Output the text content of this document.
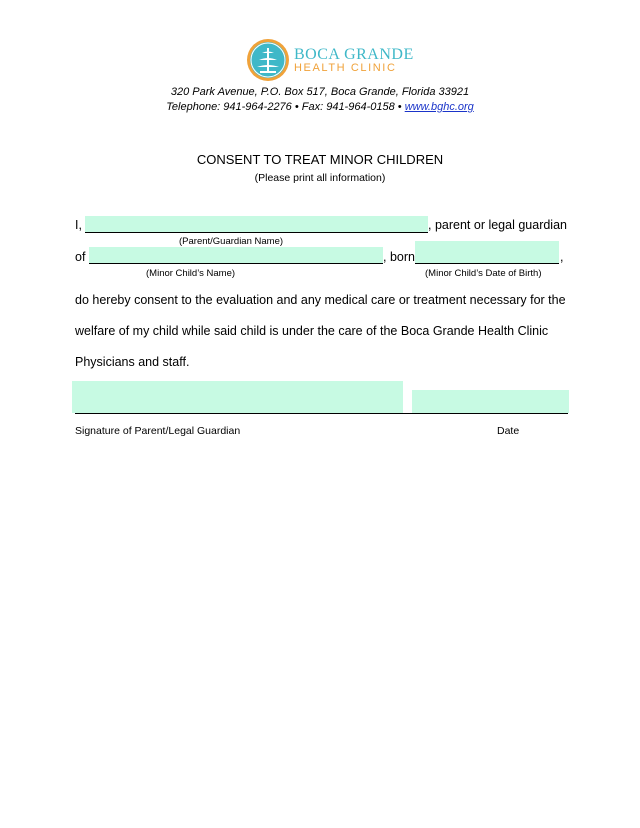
BOCA GRANDE
HEALTH CLINIC
320 Park Avenue, P.O. Box 517, Boca Grande, Florida 33921
Telephone: 941-964-2276 • Fax: 941-964-0158 • www.bghc.org
CONSENT TO TREAT MINOR CHILDREN
(Please print all information)
I,	, parent or legal guardian
(Parent/Guardian Name)
of	, born	,
(Minor Child’s Name)	(Minor Child’s Date of Birth)
do hereby consent to the evaluation and any medical care or treatment necessary for the
welfare of my child while said child is under the care of the Boca Grande Health Clinic
Physicians and staff.
Signature of Parent/Legal Guardian	Date
